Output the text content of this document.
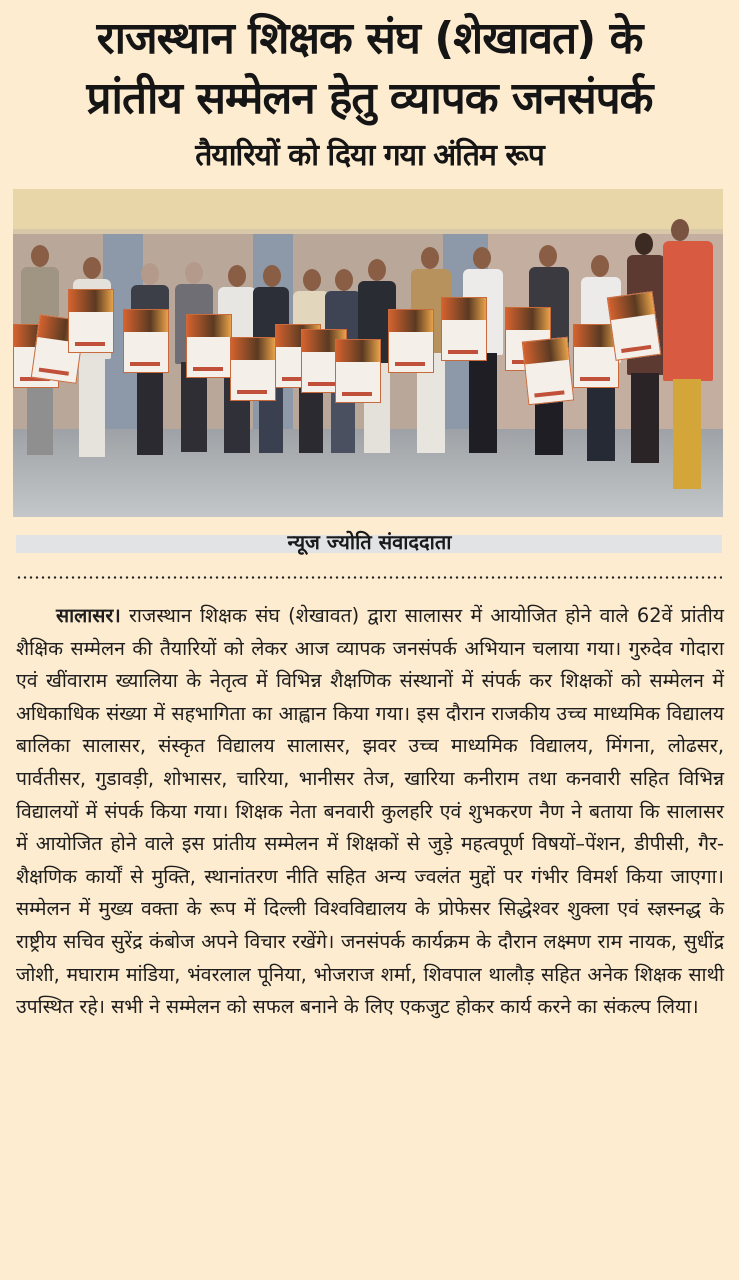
राजस्थान शिक्षक संघ (शेखावत) के
प्रांतीय सम्मेलन हेतु व्यापक जनसंपर्क
तैयारियों को दिया गया अंतिम रूप
न्यूज ज्योति संवाददाता

सालासर। राजस्थान शिक्षक संघ (शेखावत) द्वारा सालासर में आयोजित होने वाले 62वें प्रांतीय शैक्षिक सम्मेलन की तैयारियों को लेकर आज व्यापक जनसंपर्क अभियान चलाया गया। गुरुदेव गोदारा एवं खींवाराम ख्यालिया के नेतृत्व में विभिन्न शैक्षणिक संस्थानों में संपर्क कर शिक्षकों को सम्मेलन में अधिकाधिक संख्या में सहभागिता का आह्वान किया गया। इस दौरान राजकीय उच्च माध्यमिक विद्यालय बालिका सालासर, संस्कृत विद्यालय सालासर, झवर उच्च माध्यमिक विद्यालय, मिंगना, लोढसर, पार्वतीसर, गुडावड़ी, शोभासर, चारिया, भानीसर तेज, खारिया कनीराम तथा कनवारी सहित विभिन्न विद्यालयों में संपर्क किया गया। शिक्षक नेता बनवारी कुलहरि एवं शुभकरण नैण ने बताया कि सालासर में आयोजित होने वाले इस प्रांतीय सम्मेलन में शिक्षकों से जुड़े महत्वपूर्ण विषयों–पेंशन, डीपीसी, गैर-शैक्षणिक कार्यों से मुक्ति, स्थानांतरण नीति सहित अन्य ज्वलंत मुद्दों पर गंभीर विमर्श किया जाएगा। सम्मेलन में मुख्य वक्ता के रूप में दिल्ली विश्वविद्यालय के प्रोफेसर सिद्धेश्वर शुक्ला एवं स्ज्ञस्नद्ध के राष्ट्रीय सचिव सुरेंद्र कंबोज अपने विचार रखेंगे। जनसंपर्क कार्यक्रम के दौरान लक्ष्मण राम नायक, सुधींद्र जोशी, मघाराम मांडिया, भंवरलाल पूनिया, भोजराज शर्मा, शिवपाल थालौड़ सहित अनेक शिक्षक साथी उपस्थित रहे। सभी ने सम्मेलन को सफल बनाने के लिए एकजुट होकर कार्य करने का संकल्प लिया।
